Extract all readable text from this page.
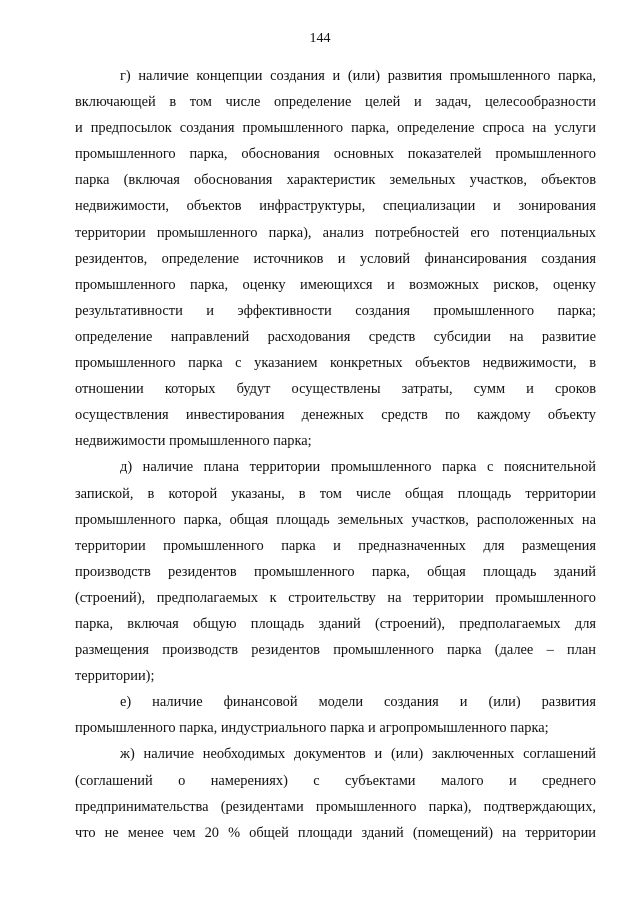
144
г) наличие концепции создания и (или) развития промышленного парка,
включающей в том числе определение целей и задач, целесообразности
и предпосылок создания промышленного парка, определение спроса на услуги
промышленного парка, обоснования основных показателей промышленного
парка (включая обоснования характеристик земельных участков, объектов
недвижимости, объектов инфраструктуры, специализации и зонирования
территории промышленного парка), анализ потребностей его потенциальных
резидентов, определение источников и условий финансирования создания
промышленного парка, оценку имеющихся и возможных рисков, оценку
результативности и эффективности создания промышленного парка;
определение направлений расходования средств субсидии на развитие
промышленного парка с указанием конкретных объектов недвижимости, в
отношении которых будут осуществлены затраты, сумм и сроков
осуществления инвестирования денежных средств по каждому объекту
недвижимости промышленного парка;
д) наличие плана территории промышленного парка с пояснительной
запиской, в которой указаны, в том числе общая площадь территории
промышленного парка, общая площадь земельных участков, расположенных на
территории промышленного парка и предназначенных для размещения
производств резидентов промышленного парка, общая площадь зданий
(строений), предполагаемых к строительству на территории промышленного
парка, включая общую площадь зданий (строений), предполагаемых для
размещения производств резидентов промышленного парка (далее – план
территории);
е) наличие финансовой модели создания и (или) развития
промышленного парка, индустриального парка и агропромышленного парка;
ж) наличие необходимых документов и (или) заключенных соглашений
(соглашений о намерениях) с субъектами малого и среднего
предпринимательства (резидентами промышленного парка), подтверждающих,
что не менее чем 20 % общей площади зданий (помещений) на территории
